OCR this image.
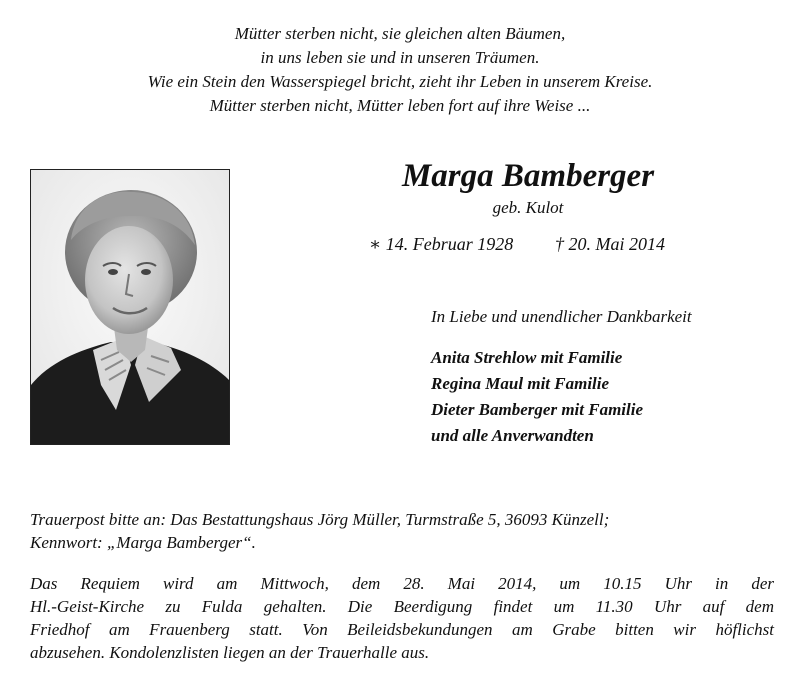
Mütter sterben nicht, sie gleichen alten Bäumen,
in uns leben sie und in unseren Träumen.
Wie ein Stein den Wasserspiegel bricht, zieht ihr Leben in unserem Kreise.
Mütter sterben nicht, Mütter leben fort auf ihre Weise ...
Marga Bamberger
geb. Kulot
∗ 14. Februar 1928 † 20. Mai 2014
In Liebe und unendlicher Dankbarkeit
Anita Strehlow mit Familie
Regina Maul mit Familie
Dieter Bamberger mit Familie
und alle Anverwandten
Trauerpost bitte an: Das Bestattungshaus Jörg Müller, Turmstraße 5, 36093 Künzell;
Kennwort: „Marga Bamberger“.
Das Requiem wird am Mittwoch, dem 28. Mai 2014, um 10.15 Uhr in der
Hl.-Geist-Kirche zu Fulda gehalten. Die Beerdigung findet um 11.30 Uhr auf dem
Friedhof am Frauenberg statt. Von Beileidsbekundungen am Grabe bitten wir höflichst
abzusehen. Kondolenzlisten liegen an der Trauerhalle aus.
